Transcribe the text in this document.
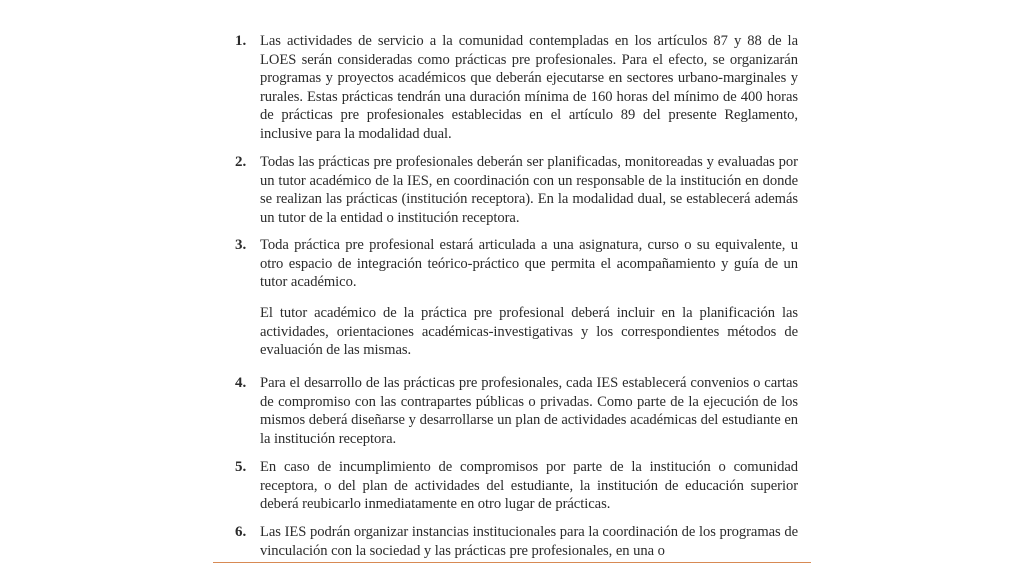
1. Las actividades de servicio a la comunidad contempladas en los artículos 87 y 88 de la LOES serán consideradas como prácticas pre profesionales. Para el efecto, se organizarán programas y proyectos académicos que deberán ejecutarse en sectores urbano-marginales y rurales. Estas prácticas tendrán una duración mínima de 160 horas del mínimo de 400 horas de prácticas pre profesionales establecidas en el artículo 89 del presente Reglamento, inclusive para la modalidad dual.
2. Todas las prácticas pre profesionales deberán ser planificadas, monitoreadas y evaluadas por un tutor académico de la IES, en coordinación con un responsable de la institución en donde se realizan las prácticas (institución receptora). En la modalidad dual, se establecerá además un tutor de la entidad o institución receptora.
3. Toda práctica pre profesional estará articulada a una asignatura, curso o su equivalente, u otro espacio de integración teórico-práctico que permita el acompañamiento y guía de un tutor académico.
El tutor académico de la práctica pre profesional deberá incluir en la planificación las actividades, orientaciones académicas-investigativas y los correspondientes métodos de evaluación de las mismas.
4. Para el desarrollo de las prácticas pre profesionales, cada IES establecerá convenios o cartas de compromiso con las contrapartes públicas o privadas. Como parte de la ejecución de los mismos deberá diseñarse y desarrollarse un plan de actividades académicas del estudiante en la institución receptora.
5. En caso de incumplimiento de compromisos por parte de la institución o comunidad receptora, o del plan de actividades del estudiante, la institución de educación superior deberá reubicarlo inmediatamente en otro lugar de prácticas.
6. Las IES podrán organizar instancias institucionales para la coordinación de los programas de vinculación con la sociedad y las prácticas pre profesionales, en una o
